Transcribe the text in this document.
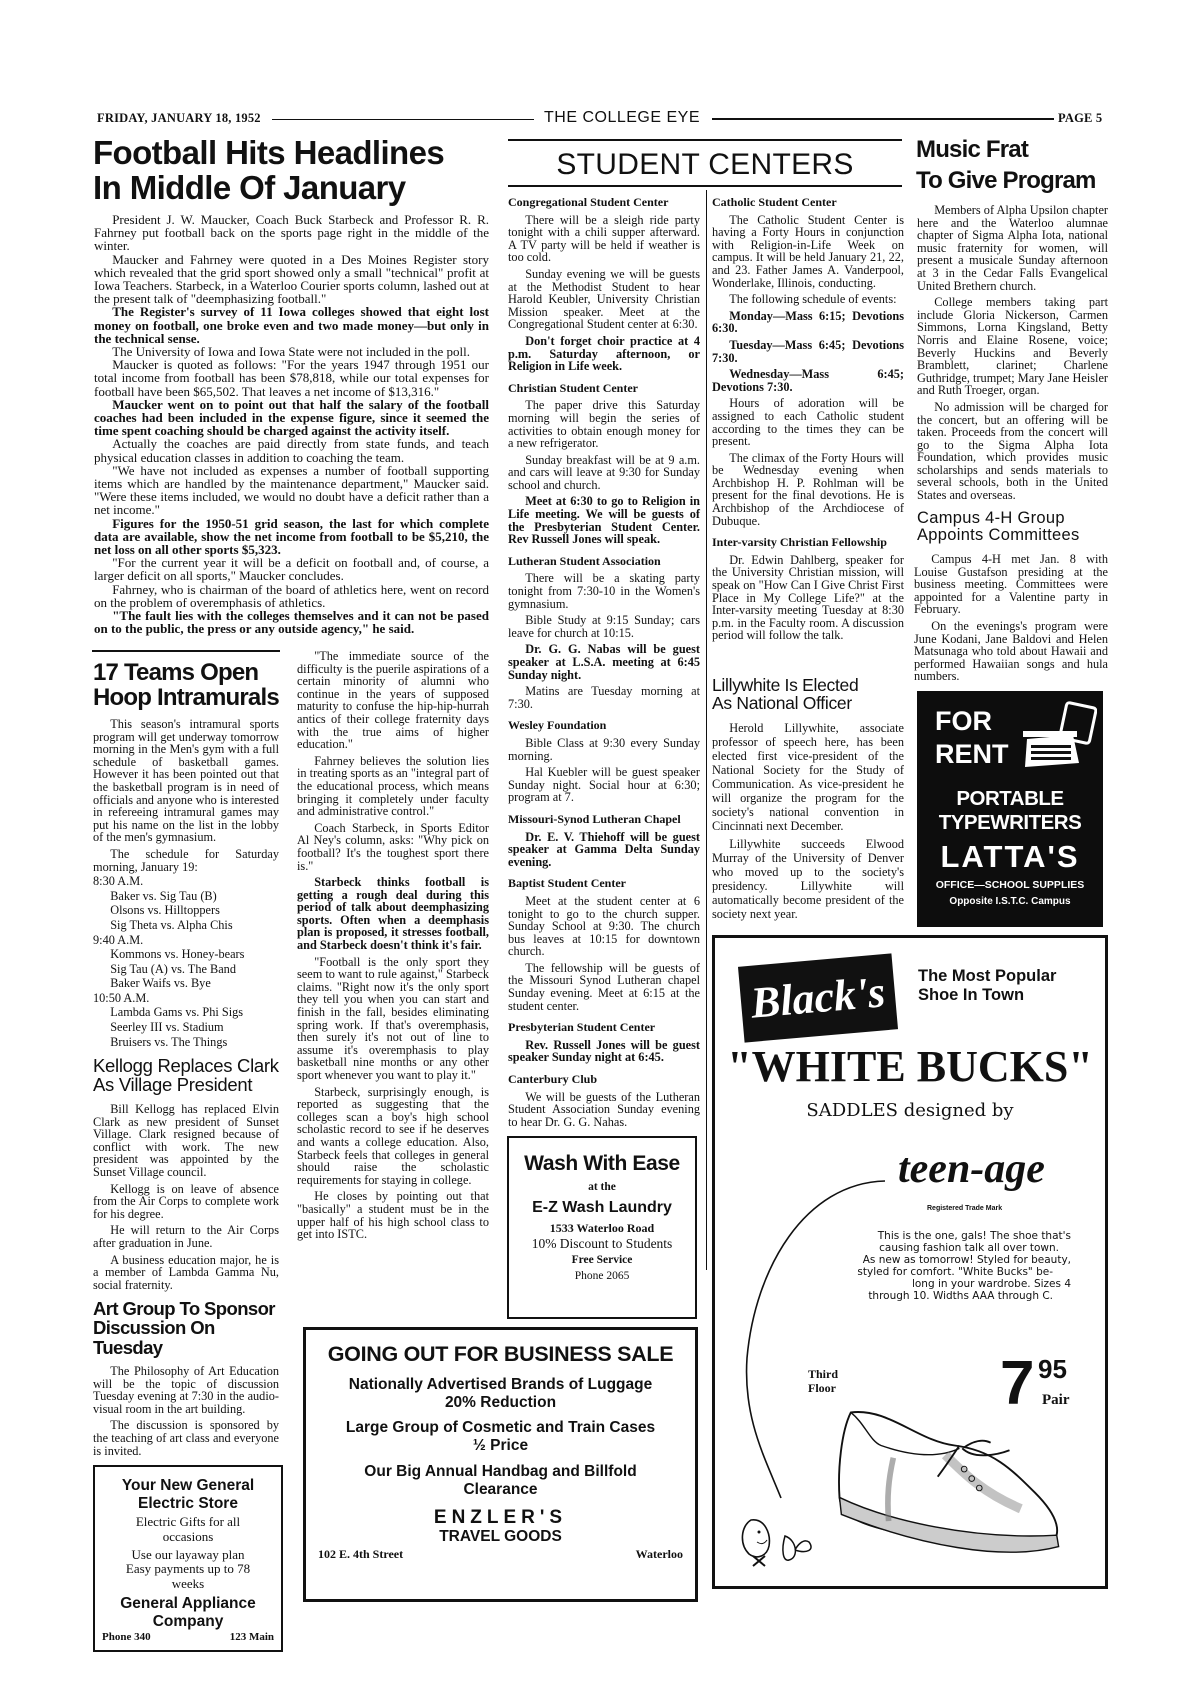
FRIDAY, JANUARY 18, 1952	THE COLLEGE EYE	PAGE 5
Football Hits Headlines
In Middle Of January

President J. W. Maucker, Coach Buck Starbeck and Professor R. R. Fahrney put football back on the sports page right in the middle of the winter.

Maucker and Fahrney were quoted in a Des Moines Register story which revealed that the grid sport showed only a small "technical" profit at Iowa Teachers. Starbeck, in a Waterloo Courier sports column, lashed out at the present talk of "deemphasizing football."

The Register's survey of 11 Iowa colleges showed that eight lost money on football, one broke even and two made money—but only in the technical sense.

The University of Iowa and Iowa State were not included in the poll.

Maucker is quoted as follows: "For the years 1947 through 1951 our total income from football has been $78,818, while our total expenses for football have been $65,502. That leaves a net income of $13,316."

Maucker went on to point out that half the salary of the football coaches had been included in the expense figure, since it seemed the time spent coaching should be charged against the activity itself.

Actually the coaches are paid directly from state funds, and teach physical education classes in addition to coaching the team.

"We have not included as expenses a number of football supporting items which are handled by the maintenance department," Maucker said. "Were these items included, we would no doubt have a deficit rather than a net income."

Figures for the 1950-51 grid season, the last for which complete data are available, show the net income from football to be $5,210, the net loss on all other sports $5,323.

"For the current year it will be a deficit on football and, of course, a larger deficit on all sports," Maucker concludes.

Fahrney, who is chairman of the board of athletics here, went on record on the problem of overemphasis of athletics.

"The fault lies with the colleges themselves and it can not be pased on to the public, the press or any outside agency," he said.

"The immediate source of the difficulty is the puerile aspirations of a certain minority of alumni who continue in the years of supposed maturity to confuse the hip-hip-hurrah antics of their college fraternity days with the true aims of higher education."

Fahrney believes the solution lies in treating sports as an "integral part of the educational process, which means bringing it completely under faculty and administrative control."

Coach Starbeck, in Sports Editor Al Ney's column, asks: "Why pick on football? It's the toughest sport there is."

Starbeck thinks football is getting a rough deal during this period of talk about deemphasizing sports. Often when a deemphasis plan is proposed, it stresses football, and Starbeck doesn't think it's fair.

"Football is the only sport they seem to want to rule against," Starbeck claims. "Right now it's the only sport they tell you when you can start and finish in the fall, besides eliminating spring work. If that's overemphasis, then surely it's not out of line to assume it's overemphasis to play basketball nine months or any other sport whenever you want to play it."

Starbeck, surprisingly enough, is reported as suggesting that the colleges scan a boy's high school scholastic record to see if he deserves and wants a college education. Also, Starbeck feels that colleges in general should raise the scholastic requirements for staying in college.

He closes by pointing out that "basically" a student must be in the upper half of his high school class to get into ISTC.

17 Teams Open
Hoop Intramurals

This season's intramural sports program will get underway tomorrow morning in the Men's gym with a full schedule of basketball games. However it has been pointed out that the basketball program is in need of officials and anyone who is interested in refereeing intramural games may put his name on the list in the lobby of the men's gymnasium.

The schedule for Saturday morning, January 19:

8:30 A.M.

Baker vs. Sig Tau (B)

Olsons vs. Hilltoppers

Sig Theta vs. Alpha Chis

9:40 A.M.

Kommons vs. Honey-bears

Sig Tau (A) vs. The Band

Baker Waifs vs. Bye

10:50 A.M.

Lambda Gams vs. Phi Sigs

Seerley III vs. Stadium

Bruisers vs. The Things

Kellogg Replaces Clark
As Village President

Bill Kellogg has replaced Elvin Clark as new president of Sunset Village. Clark resigned because of conflict with work. The new president was appointed by the Sunset Village council.

Kellogg is on leave of absence from the Air Corps to complete work for his degree.

He will return to the Air Corps after graduation in June.

A business education major, he is a member of Lambda Gamma Nu, social fraternity.

Art Group To Sponsor
Discussion On Tuesday

The Philosophy of Art Education will be the topic of discussion Tuesday evening at 7:30 in the audio-visual room in the art building.

The discussion is sponsored by the teaching of art class and everyone is invited.

Your New General
Electric Store
Electric Gifts for all occasions
Use our layaway plan
Easy payments up to 78 weeks
General Appliance
Company
Phone 340	123 Main
STUDENT CENTERS
Congregational Student Center

There will be a sleigh ride party tonight with a chili supper afterward. A TV party will be held if weather is too cold.

Sunday evening we will be guests at the Methodist Student to hear Harold Keubler, University Christian Mission speaker. Meet at the Congregational Student center at 6:30.

Don't forget choir practice at 4 p.m. Saturday afternoon, or Religion in Life week.

Christian Student Center

The paper drive this Saturday morning will begin the series of activities to obtain enough money for a new refrigerator.

Sunday breakfast will be at 9 a.m. and cars will leave at 9:30 for Sunday school and church.

Meet at 6:30 to go to Religion in Life meeting. We will be guests of the Presbyterian Student Center. Rev Russell Jones will speak.

Lutheran Student Association

There will be a skating party tonight from 7:30-10 in the Women's gymnasium.

Bible Study at 9:15 Sunday; cars leave for church at 10:15.

Dr. G. G. Nabas will be guest speaker at L.S.A. meeting at 6:45 Sunday night.

Matins are Tuesday morning at 7:30.

Wesley Foundation

Bible Class at 9:30 every Sunday morning.

Hal Kuebler will be guest speaker Sunday night. Social hour at 6:30; program at 7.

Missouri-Synod Lutheran Chapel

Dr. E. V. Thiehoff will be guest speaker at Gamma Delta Sunday evening.

Baptist Student Center

Meet at the student center at 6 tonight to go to the church supper. Sunday School at 9:30. The church bus leaves at 10:15 for downtown church.

The fellowship will be guests of the Missouri Synod Lutheran chapel Sunday evening. Meet at 6:15 at the student center.

Presbyterian Student Center

Rev. Russell Jones will be guest speaker Sunday night at 6:45.

Canterbury Club

We will be guests of the Lutheran Student Association Sunday evening to hear Dr. G. G. Nahas.

Catholic Student Center

The Catholic Student Center is having a Forty Hours in conjunction with Religion-in-Life Week on campus. It will be held January 21, 22, and 23. Father James A. Vanderpool, Wonderlake, Illinois, conducting.

The following schedule of events:

Monday—Mass 6:15; Devotions 6:30.

Tuesday—Mass 6:45; Devotions 7:30.

Wednesday—Mass 6:45; Devotions 7:30.

Hours of adoration will be assigned to each Catholic student according to the times they can be present.

The climax of the Forty Hours will be Wednesday evening when Archbishop H. P. Rohlman will be present for the final devotions. He is Archbishop of the Archdiocese of Dubuque.

Inter-varsity Christian Fellowship

Dr. Edwin Dahlberg, speaker for the University Christian mission, will speak on "How Can I Give Christ First Place in My College Life?" at the Inter-varsity meeting Tuesday at 8:30 p.m. in the Faculty room. A discussion period will follow the talk.

Wash With Ease
at the
E-Z Wash Laundry
1533 Waterloo Road
10% Discount to Students
Free Service
Phone 2065
GOING OUT FOR BUSINESS SALE
Nationally Advertised Brands of Luggage
20% Reduction
Large Group of Cosmetic and Train Cases
½ Price
Our Big Annual Handbag and Billfold
Clearance
ENZLER'S
TRAVEL GOODS
102 E. 4th Street	Waterloo
Lillywhite Is Elected
As National Officer

Herold Lillywhite, associate professor of speech here, has been elected first vice-president of the National Society for the Study of Communication. As vice-president he will organize the program for the society's national convention in Cincinnati next December.

Lillywhite succeeds Elwood Murray of the University of Denver who moved up to the society's presidency. Lillywhite will automatically become president of the society next year.

Music Frat
To Give Program

Members of Alpha Upsilon chapter here and the Waterloo alumnae chapter of Sigma Alpha Iota, national music fraternity for women, will present a musicale Sunday afternoon at 3 in the Cedar Falls Evangelical United Brethern church.

College members taking part include Gloria Nickerson, Carmen Simmons, Lorna Kingsland, Betty Norris and Elaine Rosene, voice; Beverly Huckins and Beverly Bramblett, clarinet; Charlene Guthridge, trumpet; Mary Jane Heisler and Ruth Troeger, organ.

No admission will be charged for the concert, but an offering will be taken. Proceeds from the concert will go to the Sigma Alpha Iota Foundation, which provides music scholarships and sends materials to several schools, both in the United States and overseas.

Campus 4-H Group
Appoints Committees

Campus 4-H met Jan. 8 with Louise Gustafson presiding at the business meeting. Committees were appointed for a Valentine party in February.

On the evenings's program were June Kodani, Jane Baldovi and Helen Matsunaga who told about Hawaii and performed Hawaiian songs and hula numbers.

FOR
RENT
PORTABLE
TYPEWRITERS
LATTA'S
OFFICE—SCHOOL SUPPLIES
Opposite I.S.T.C. Campus
Black's	The Most Popular
Shoe In Town
"WHITE BUCKS"
SADDLES designed by
teen-age
Registered Trade Mark
This is the one, gals! The shoe that's
causing fashion talk all over town.
As new as tomorrow! Styled for beauty,
styled for comfort. "White Bucks" be-
long in your wardrobe. Sizes 4
through 10. Widths AAA through C.
Third
Floor	7 95
Pair
